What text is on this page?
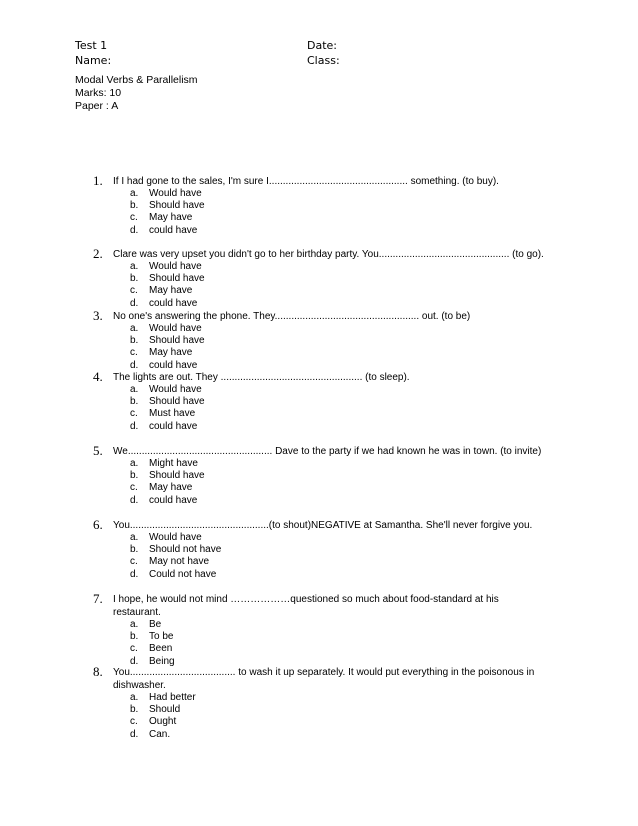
Test 1
Name:
Date:
Class:
Modal Verbs & Parallelism
Marks: 10
Paper : A
1. If I had gone to the sales, I'm sure I.................................................. something. (to buy).
a. Would have
b. Should have
c. May have
d. could have
2. Clare was very upset you didn't go to her birthday party. You............................................... (to go).
a. Would have
b. Should have
c. May have
d. could have
3. No one's answering the phone. They.................................................... out. (to be)
a. Would have
b. Should have
c. May have
d. could have
4. The lights are out. They ................................................... (to sleep).
a. Would have
b. Should have
c. Must have
d. could have
5. We.................................................... Dave to the party if we had known he was in town. (to invite)
a. Might have
b. Should have
c. May have
d. could have
6. You..................................................(to shout)NEGATIVE at Samantha. She'll never forgive you.
a. Would have
b. Should not have
c. May not have
d. Could not have
7. I hope, he would not mind ………………questioned so much about food-standard at his restaurant.
a. Be
b. To be
c. Been
d. Being
8. You...................................... to wash it up separately. It would put everything in the poisonous in dishwasher.
a. Had better
b. Should
c. Ought
d. Can.
